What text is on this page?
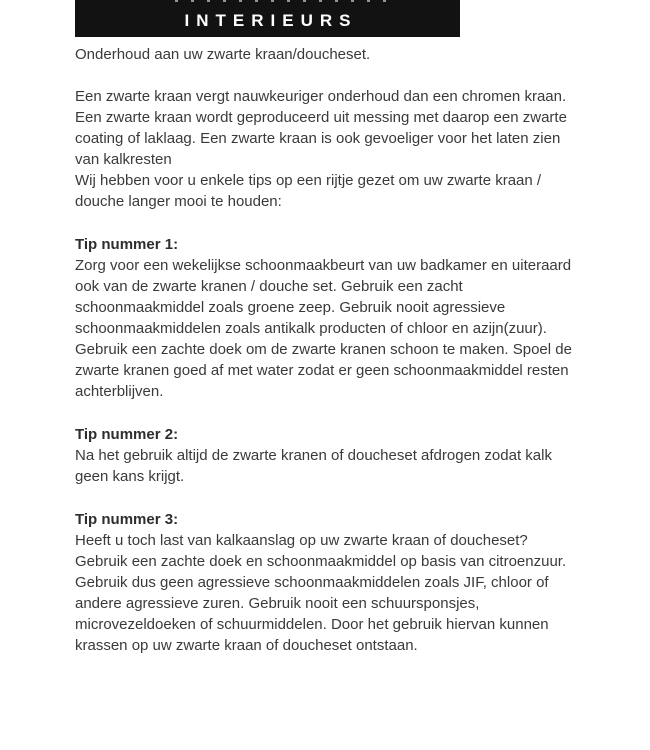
INTERIEURS

Onderhoud aan uw zwarte kraan/doucheset.

Een zwarte kraan vergt nauwkeuriger onderhoud dan een chromen kraan. Een zwarte kraan wordt geproduceerd uit messing met daarop een zwarte coating of laklaag. Een zwarte kraan is ook gevoeliger voor het laten zien van kalkresten

Wij hebben voor u enkele tips op een rijtje gezet om uw zwarte kraan / douche langer mooi te houden:

Tip nummer 1:

Zorg voor een wekelijkse schoonmaakbeurt van uw badkamer en uiteraard ook van de zwarte kranen / douche set. Gebruik een zacht schoonmaakmiddel zoals groene zeep. Gebruik nooit agressieve schoonmaakmiddelen zoals antikalk producten of chloor en azijn(zuur).

Gebruik een zachte doek om de zwarte kranen schoon te maken. Spoel de zwarte kranen goed af met water zodat er geen schoonmaakmiddel resten achterblijven.

Tip nummer 2:

Na het gebruik altijd de zwarte kranen of doucheset afdrogen zodat kalk geen kans krijgt.

Tip nummer 3:

Heeft u toch last van kalkaanslag op uw zwarte kraan of doucheset? Gebruik een zachte doek en schoonmaakmiddel op basis van citroenzuur. Gebruik dus geen agressieve schoonmaakmiddelen zoals JIF, chloor of andere agressieve zuren. Gebruik nooit een schuursponsjes, microvezeldoeken of schuurmiddelen. Door het gebruik hiervan kunnen krassen op uw zwarte kraan of doucheset ontstaan.
